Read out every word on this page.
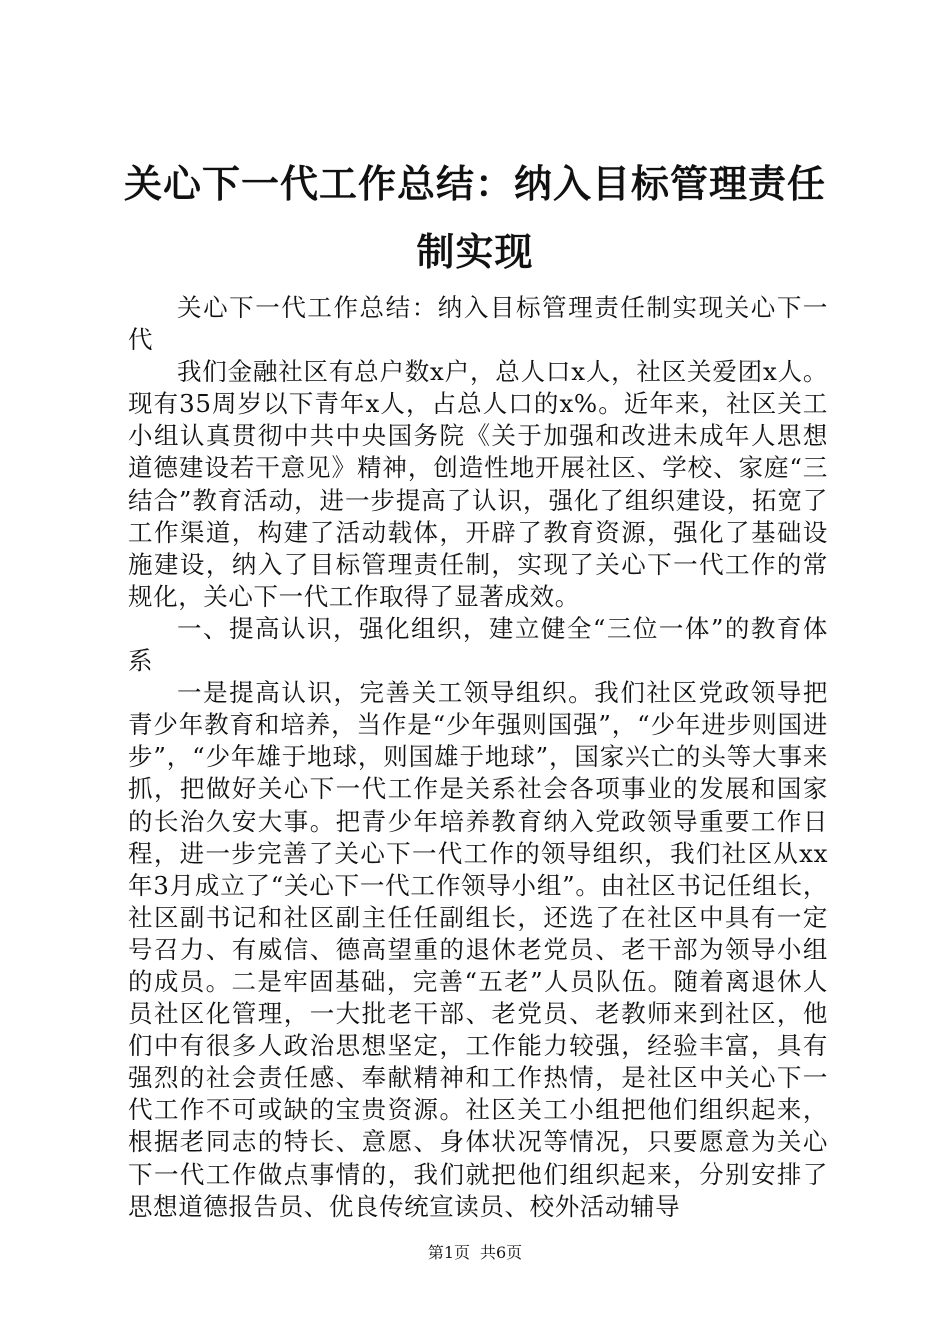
关心下一代工作总结：纳入目标管理责任制实现

关心下一代工作总结：纳入目标管理责任制实现关心下一代

我们金融社区有总户数x户，总人口x人，社区关爱团x人。现有35周岁以下青年x人，占总人口的x%。近年来，社区关工小组认真贯彻中共中央国务院《关于加强和改进未成年人思想道德建设若干意见》精神，创造性地开展社区、学校、家庭“三结合”教育活动，进一步提高了认识，强化了组织建设，拓宽了工作渠道，构建了活动载体，开辟了教育资源，强化了基础设施建设，纳入了目标管理责任制，实现了关心下一代工作的常规化，关心下一代工作取得了显著成效。

一、提高认识，强化组织，建立健全“三位一体”的教育体系

一是提高认识，完善关工领导组织。我们社区党政领导把青少年教育和培养，当作是“少年强则国强”，“少年进步则国进步”，“少年雄于地球，则国雄于地球”，国家兴亡的头等大事来抓，把做好关心下一代工作是关系社会各项事业的发展和国家的长治久安大事。把青少年培养教育纳入党政领导重要工作日程，进一步完善了关心下一代工作的领导组织，我们社区从xx年3月成立了“关心下一代工作领导小组”。由社区书记任组长，社区副书记和社区副主任任副组长，还选了在社区中具有一定号召力、有威信、德高望重的退休老党员、老干部为领导小组的成员。二是牢固基础，完善“五老”人员队伍。随着离退休人员社区化管理，一大批老干部、老党员、老教师来到社区，他们中有很多人政治思想坚定，工作能力较强，经验丰富，具有强烈的社会责任感、奉献精神和工作热情，是社区中关心下一代工作不可或缺的宝贵资源。社区关工小组把他们组织起来，根据老同志的特长、意愿、身体状况等情况，只要愿意为关心下一代工作做点事情的，我们就把他们组织起来，分别安排了思想道德报告员、优良传统宣读员、校外活动辅导

第1页 共6页
